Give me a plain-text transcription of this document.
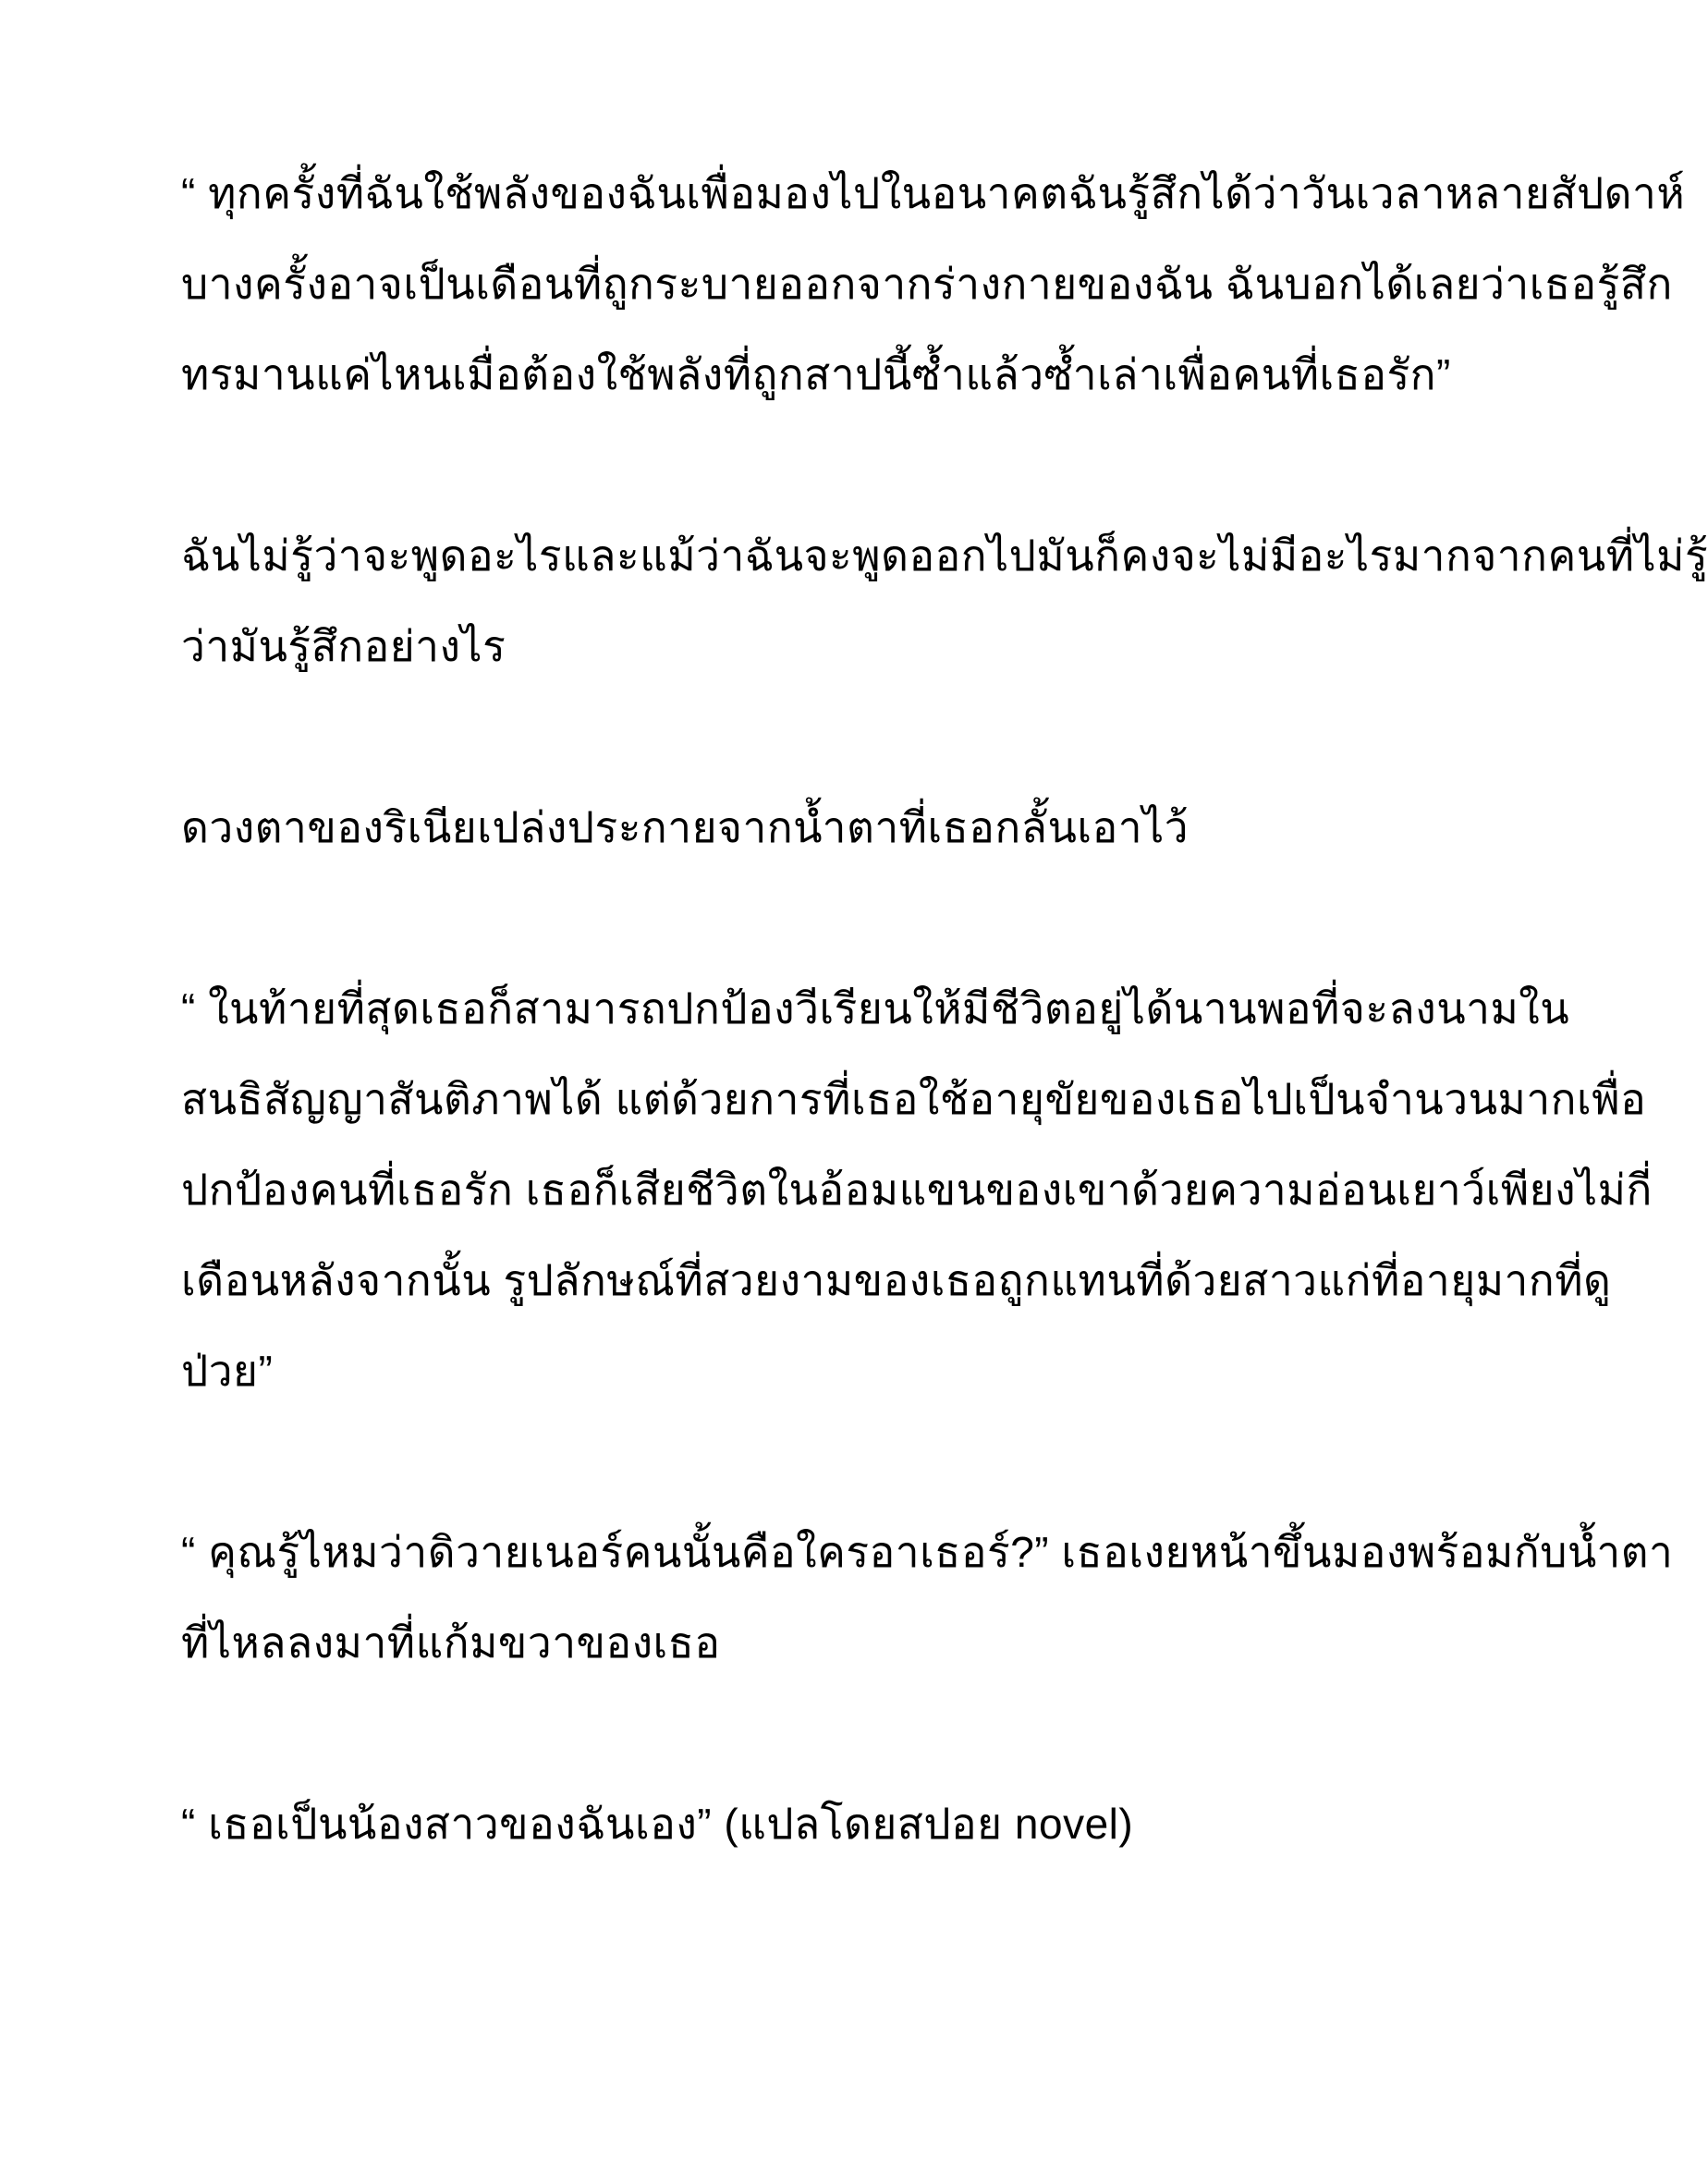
“ ทุกครั้งที่ฉันใช้พลังของฉันเพื่อมองไปในอนาคตฉันรู้สึกได้ว่าวันเวลาหลายสัปดาห์
บางครั้งอาจเป็นเดือนที่ถูกระบายออกจากร่างกายของฉัน ฉันบอกได้เลยว่าเธอรู้สึก
ทรมานแค่ไหนเมื่อต้องใช้พลังที่ถูกสาปนี้ซ้ำแล้วซ้ำเล่าเพื่อคนที่เธอรัก”
ฉันไม่รู้ว่าจะพูดอะไรและแม้ว่าฉันจะพูดออกไปมันก็คงจะไม่มีอะไรมากจากคนที่ไม่รู้
ว่ามันรู้สึกอย่างไร
ดวงตาของริเนียเปล่งประกายจากน้ำตาที่เธอกลั้นเอาไว้
“ ในท้ายที่สุดเธอก็สามารถปกป้องวีเรียนให้มีชีวิตอยู่ได้นานพอที่จะลงนามใน
สนธิสัญญาสันติภาพได้ แต่ด้วยการที่เธอใช้อายุขัยของเธอไปเป็นจำนวนมากเพื่อ
ปกป้องคนที่เธอรัก เธอก็เสียชีวิตในอ้อมแขนของเขาด้วยความอ่อนเยาว์เพียงไม่กี่
เดือนหลังจากนั้น รูปลักษณ์ที่สวยงามของเธอถูกแทนที่ด้วยสาวแก่ที่อายุมากที่ดู
ป่วย”
“ คุณรู้ไหมว่าดิวายเนอร์คนนั้นคือใครอาเธอร์?” เธอเงยหน้าขึ้นมองพร้อมกับน้ำตา
ที่ไหลลงมาที่แก้มขวาของเธอ
“ เธอเป็นน้องสาวของฉันเอง” (แปลโดยสปอย novel)
